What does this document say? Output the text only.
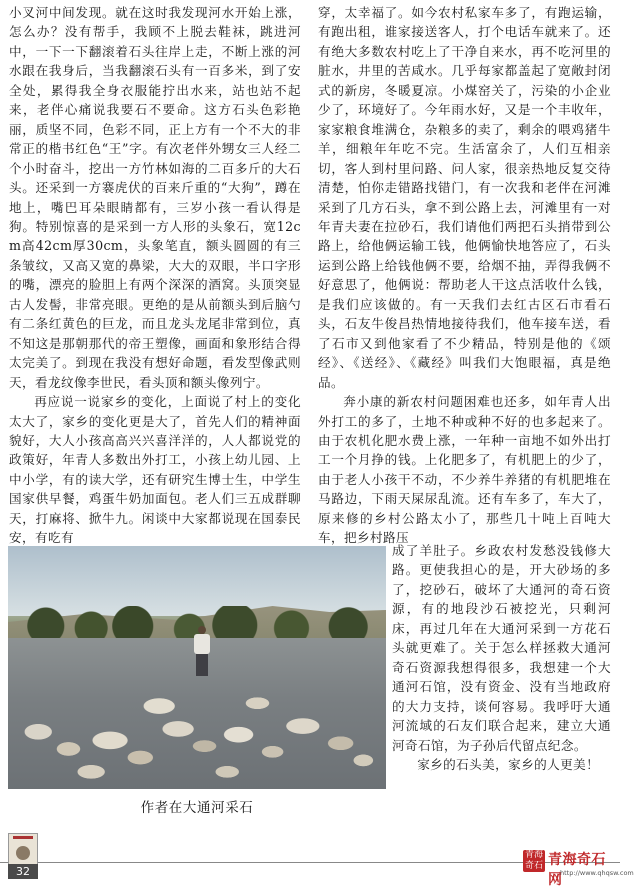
小叉河中间发现。就在这时我发现河水开始上涨，怎么办？没有帮手，我顾不上脱去鞋袜，跳进河中，一下一下翻滚着石头往岸上走，不断上涨的河水跟在我身后，当我翻滚石头有一百多米，到了安全处，累得我全身衣服能拧出水来，站也站不起来，老伴心痛说我要石不要命。这方石头色彩艳丽，质坚不同，色彩不同，正上方有一个不大的非常正的楷书红色“王”字。有次老伴外甥女三人经二个小时奋斗，挖出一方竹林如海的二百多斤的大石头。还采到一方褰虎伏的百来斤重的“大狗”，蹲在地上，嘴巴耳朵眼睛都有，三岁小孩一看认得是狗。特别惊喜的是采到一方人形的头象石，宽12cm高42cm厚30cm，头象笔直，额头圆圆的有三条皱纹，又高又宽的鼻梁，大大的双眼，半口字形的嘴，漂亮的脸胆上有两个深深的酒窝。头顶突显古人发髻，非常亮眼。更绝的是从前额头到后脑勺有二条红黄色的巨龙，而且龙头龙尾非常到位，真不知这是那朝那代的帝王塑像，画面和象形结合得太完美了。到现在我没有想好命题，看发型像武则天，看龙纹像李世民，看头顶和额头像列宁。

再应说一说家乡的变化，上面说了村上的变化太大了，家乡的变化更是大了，首先人们的精神面貌好，大人小孩高高兴兴喜洋洋的，人人都说党的政策好，年青人多数出外打工，小孩上幼儿园、上中小学，有的读大学，还有研究生博士生，中学生国家供早餐，鸡蛋牛奶加面包。老人们三五成群聊天，打麻将、掀牛九。闲谈中大家都说现在国泰民安，有吃有

穿，太幸福了。如今农村私家车多了，有跑运输，有跑出租，谁家接送客人，打个电话车就来了。还有绝大多数农村吃上了干净自来水，再不吃河里的脏水，井里的苦咸水。几乎每家都盖起了宽敞封闭式的新房，冬暖夏凉。小煤窑关了，污染的小企业少了，环境好了。今年雨水好，又是一个丰收年，家家粮食堆满仓，杂粮多的卖了，剩余的喂鸡猪牛羊，细粮年年吃不完。生活富余了，人们互相亲切，客人到村里问路、问人家，很亲热地反复交待清楚，怕你走错路找错门，有一次我和老伴在河滩采到了几方石头，拿不到公路上去，河滩里有一对年青夫妻在拉砂石，我们请他们两把石头捎带到公路上，给他俩运输工钱，他俩愉快地答应了，石头运到公路上给钱他俩不要，给烟不抽，弄得我俩不好意思了，他俩说：帮助老人干这点活收什么钱，是我们应该做的。有一天我们去红古区石市看石头，石友牛俊昌热情地接待我们，他车接车送，看了石市又到他家看了不少精品，特别是他的《颂经》、《送经》、《藏经》叫我们大饱眼福，真是绝品。

奔小康的新农村问题困难也还多，如年青人出外打工的多了，土地不种或种不好的也多起来了。由于农机化肥水费上涨，一年种一亩地不如外出打工一个月挣的钱。上化肥多了，有机肥上的少了，由于老人小孩干不动，不少养牛养猪的有机肥堆在马路边，下雨天屎尿乱流。还有车多了，车大了，原来修的乡村公路太小了，那些几十吨上百吨大车，把乡村路压

成了羊肚子。乡政农村发愁没钱修大路。更使我担心的是，开大砂场的多了，挖砂石，破坏了大通河的奇石资源，有的地段沙石被挖光，只剩河床，再过几年在大通河采到一方花石头就更难了。关于怎么样拯救大通河奇石资源我想得很多，我想建一个大通河石馆，没有资金、没有当地政府的大力支持，谈何容易。我呼吁大通河流域的石友们联合起来，建立大通河奇石馆，为子孙后代留点纪念。

家乡的石头美，家乡的人更美！

作者在大通河采石
32
青海奇石 青海奇石网
http://www.qhqsw.com
